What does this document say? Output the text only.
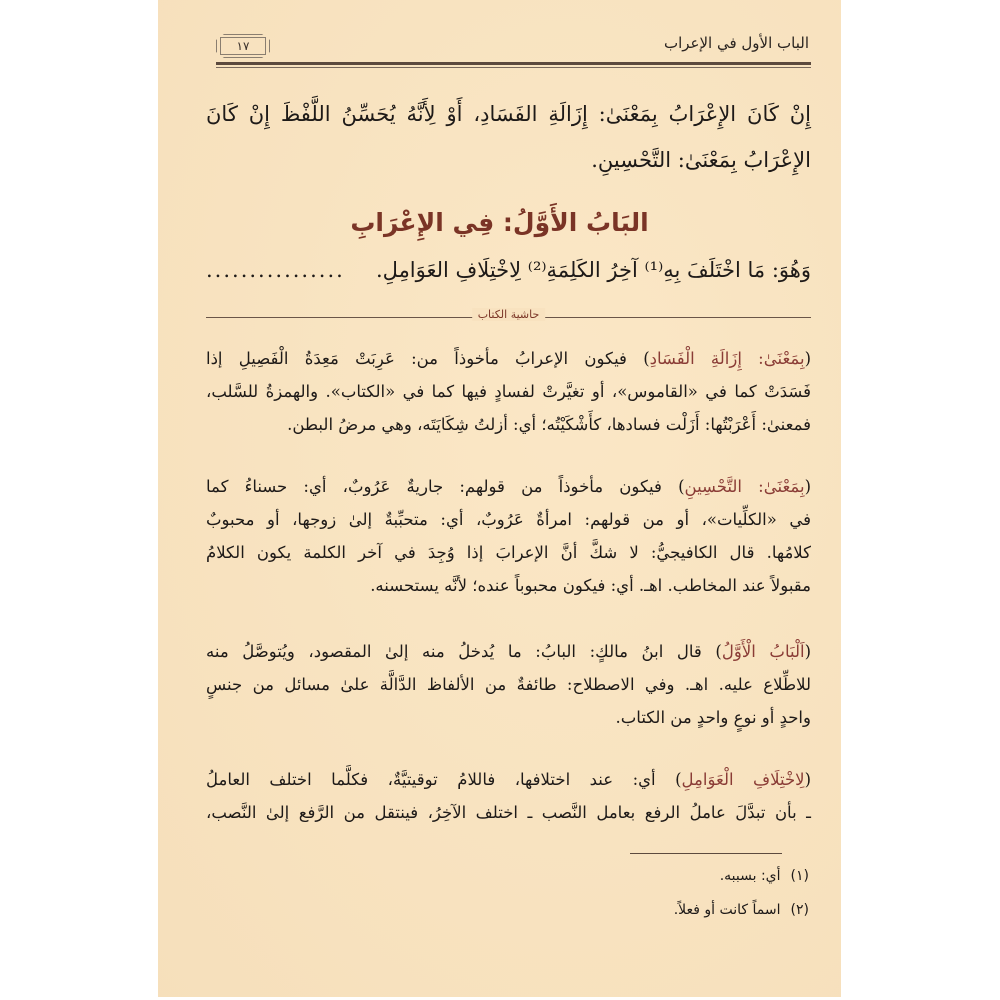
الباب الأول في الإعراب
١٧
إِنْ كَانَ الإِعْرَابُ بِمَعْنَىٰ: إِزَالَةِ الفَسَادِ، أَوْ لِأَنَّهُ يُحَسِّنُ اللَّفْظَ إِنْ كَانَ
الإِعْرَابُ بِمَعْنَىٰ: التَّحْسِينِ.
البَابُ الأَوَّلُ: فِي الإِعْرَابِ
وَهُوَ: مَا اخْتَلَفَ بِهِ⁽¹⁾ آخِرُ الكَلِمَةِ⁽²⁾ لِاخْتِلَافِ العَوَامِلِ.
................
حاشية الكتاب
(بِمَعْنَىٰ: إِزَالَةِ الْفَسَادِ) فيكون الإعرابُ مأخوذاً من: عَرِبَتْ مَعِدَةُ الْفَصِيلِ إذا
فَسَدَتْ كما في «القاموس»، أو تغيَّرتْ لفسادٍ فيها كما في «الكتاب». والهمزةُ للسَّلب،
فمعنىٰ: أَعْرَبْتُها: أَزَلْت فسادها، كأَشْكَيْتُه؛ أي: أزلتُ شِكَايَتَه، وهي مرضُ البطن.
(بِمَعْنَىٰ: التَّحْسِينِ) فيكون مأخوذاً من قولهم: جاريةٌ عَرُوبٌ، أي: حسناءُ كما
في «الكلِّيات»، أو من قولهم: امرأةٌ عَرُوبٌ، أي: متحبِّبةٌ إلىٰ زوجها، أو محبوبٌ
كلامُها. قال الكافيجيُّ: لا شكَّ أنَّ الإعرابَ إذا وُجِدَ في آخر الكلمة يكون الكلامُ
مقبولاً عند المخاطب. اهـ. أي: فيكون محبوباً عنده؛ لأنَّه يستحسنه.
(اَلْبَابُ الْأَوَّلُ) قال ابنُ مالكٍ: البابُ: ما يُدخلُ منه إلىٰ المقصود، ويُتوصَّلُ منه
للاطِّلاع عليه. اهـ. وفي الاصطلاح: طائفةٌ من الألفاظ الدَّالَّة علىٰ مسائل من جنسٍ
واحدٍ أو نوعٍ واحدٍ من الكتاب.
(لِاخْتِلَافِ الْعَوَامِلِ) أي: عند اختلافها، فاللامُ توقيتيَّةٌ، فكلَّما اختلف العاملُ
ـ بأن تبدَّلَ عاملُ الرفع بعامل النَّصب ـ اختلف الآخِرُ، فينتقل من الرَّفع إلىٰ النَّصب،
(١)أي: بسببه.
(٢)اسماً كانت أو فعلاً.
